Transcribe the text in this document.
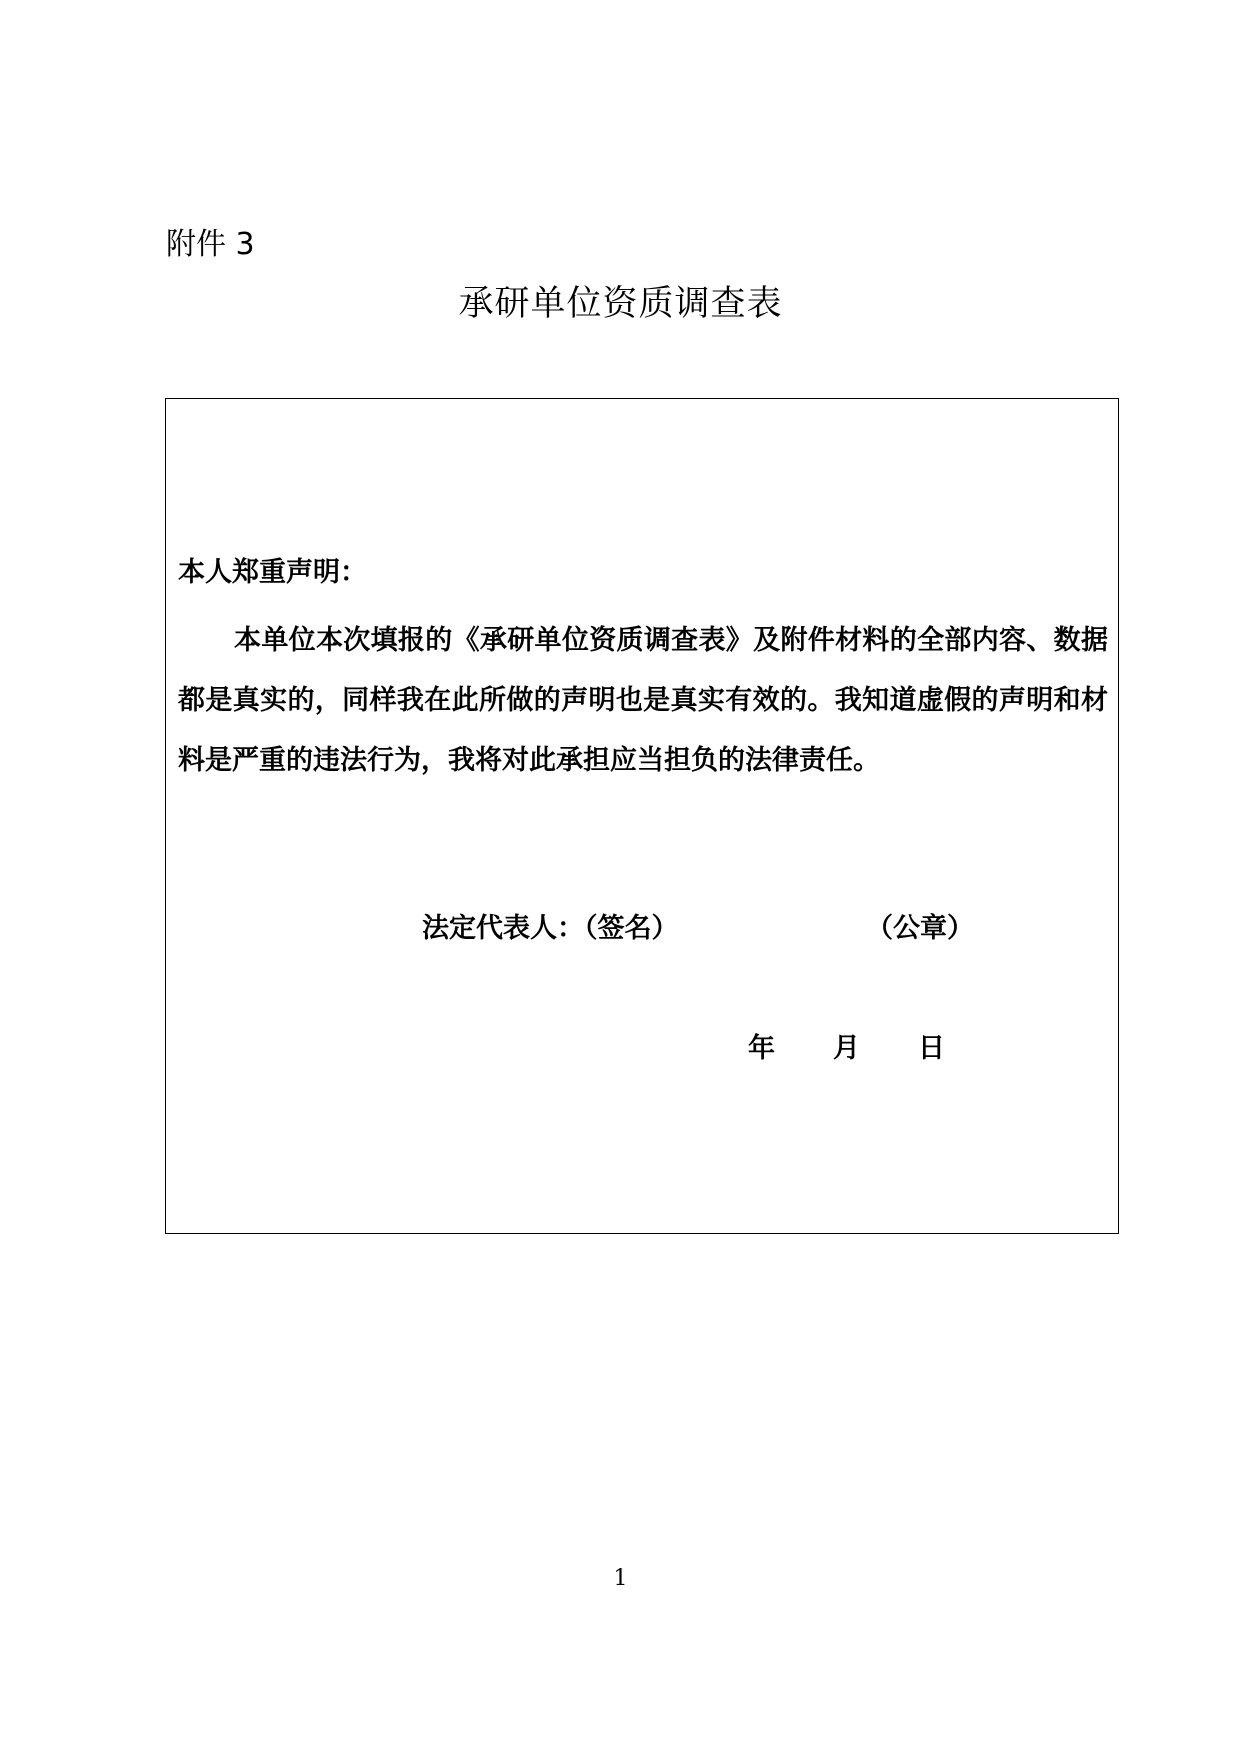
附件 3
承研单位资质调查表
本人郑重声明：
本单位本次填报的《承研单位资质调查表》及附件材料的全部内容、数据都是真实的，同样我在此所做的声明也是真实有效的。我知道虚假的声明和材料是严重的违法行为，我将对此承担应当担负的法律责任。
法定代表人：（签名）	（公章）
年 月 日
1
